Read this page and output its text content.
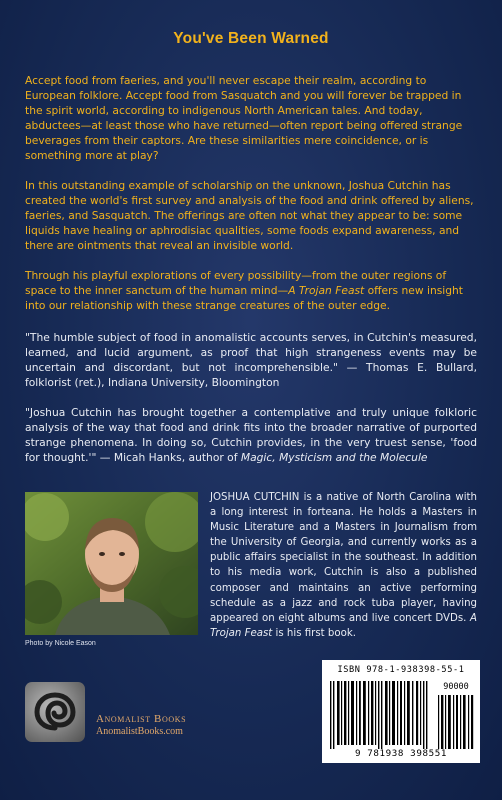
You've Been Warned

Accept food from faeries, and you'll never escape their realm, according to European folklore. Accept food from Sasquatch and you will forever be trapped in the spirit world, according to indigenous North American tales. And today, abductees—at least those who have returned—often report being offered strange beverages from their captors. Are these similarities mere coincidence, or is something more at play?

In this outstanding example of scholarship on the unknown, Joshua Cutchin has created the world's first survey and analysis of the food and drink offered by aliens, faeries, and Sasquatch. The offerings are often not what they appear to be: some liquids have healing or aphrodisiac qualities, some foods expand awareness, and there are ointments that reveal an invisible world.

Through his playful explorations of every possibility—from the outer regions of space to the inner sanctum of the human mind—A Trojan Feast offers new insight into our relationship with these strange creatures of the outer edge.

"The humble subject of food in anomalistic accounts serves, in Cutchin's measured, learned, and lucid argument, as proof that high strangeness events may be uncertain and discordant, but not incomprehensible." — Thomas E. Bullard, folklorist (ret.), Indiana University, Bloomington

"Joshua Cutchin has brought together a contemplative and truly unique folkloric analysis of the way that food and drink fits into the broader narrative of purported strange phenomena. In doing so, Cutchin provides, in the very truest sense, 'food for thought.'" — Micah Hanks, author of Magic, Mysticism and the Molecule

Photo by Nicole Eason

JOSHUA CUTCHIN is a native of North Carolina with a long interest in forteana. He holds a Masters in Music Literature and a Masters in Journalism from the University of Georgia, and currently works as a public affairs specialist in the southeast. In addition to his media work, Cutchin is also a published composer and maintains an active performing schedule as a jazz and rock tuba player, having appeared on eight albums and live concert DVDs. A Trojan Feast is his first book.

Anomalist Books
AnomalistBooks.com
ISBN 978-1-938398-55-1
90000
9 781938 398551
